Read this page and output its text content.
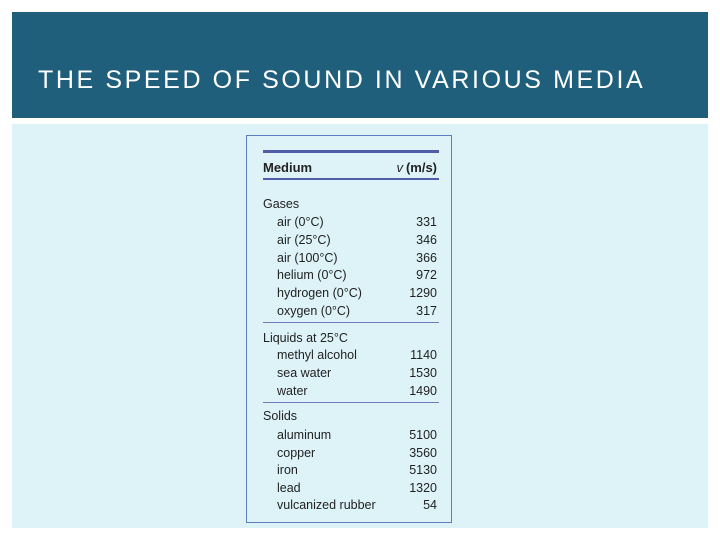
THE SPEED OF SOUND IN VARIOUS MEDIA
Medium	v (m/s)
Gases
air (0°C)	331
air (25°C)	346
air (100°C)	366
helium (0°C)	972
hydrogen (0°C)	1290
oxygen (0°C)	317
Liquids at 25°C
methyl alcohol	1140
sea water	1530
water	1490
Solids
aluminum	5100
copper	3560
iron	5130
lead	1320
vulcanized rubber	54
